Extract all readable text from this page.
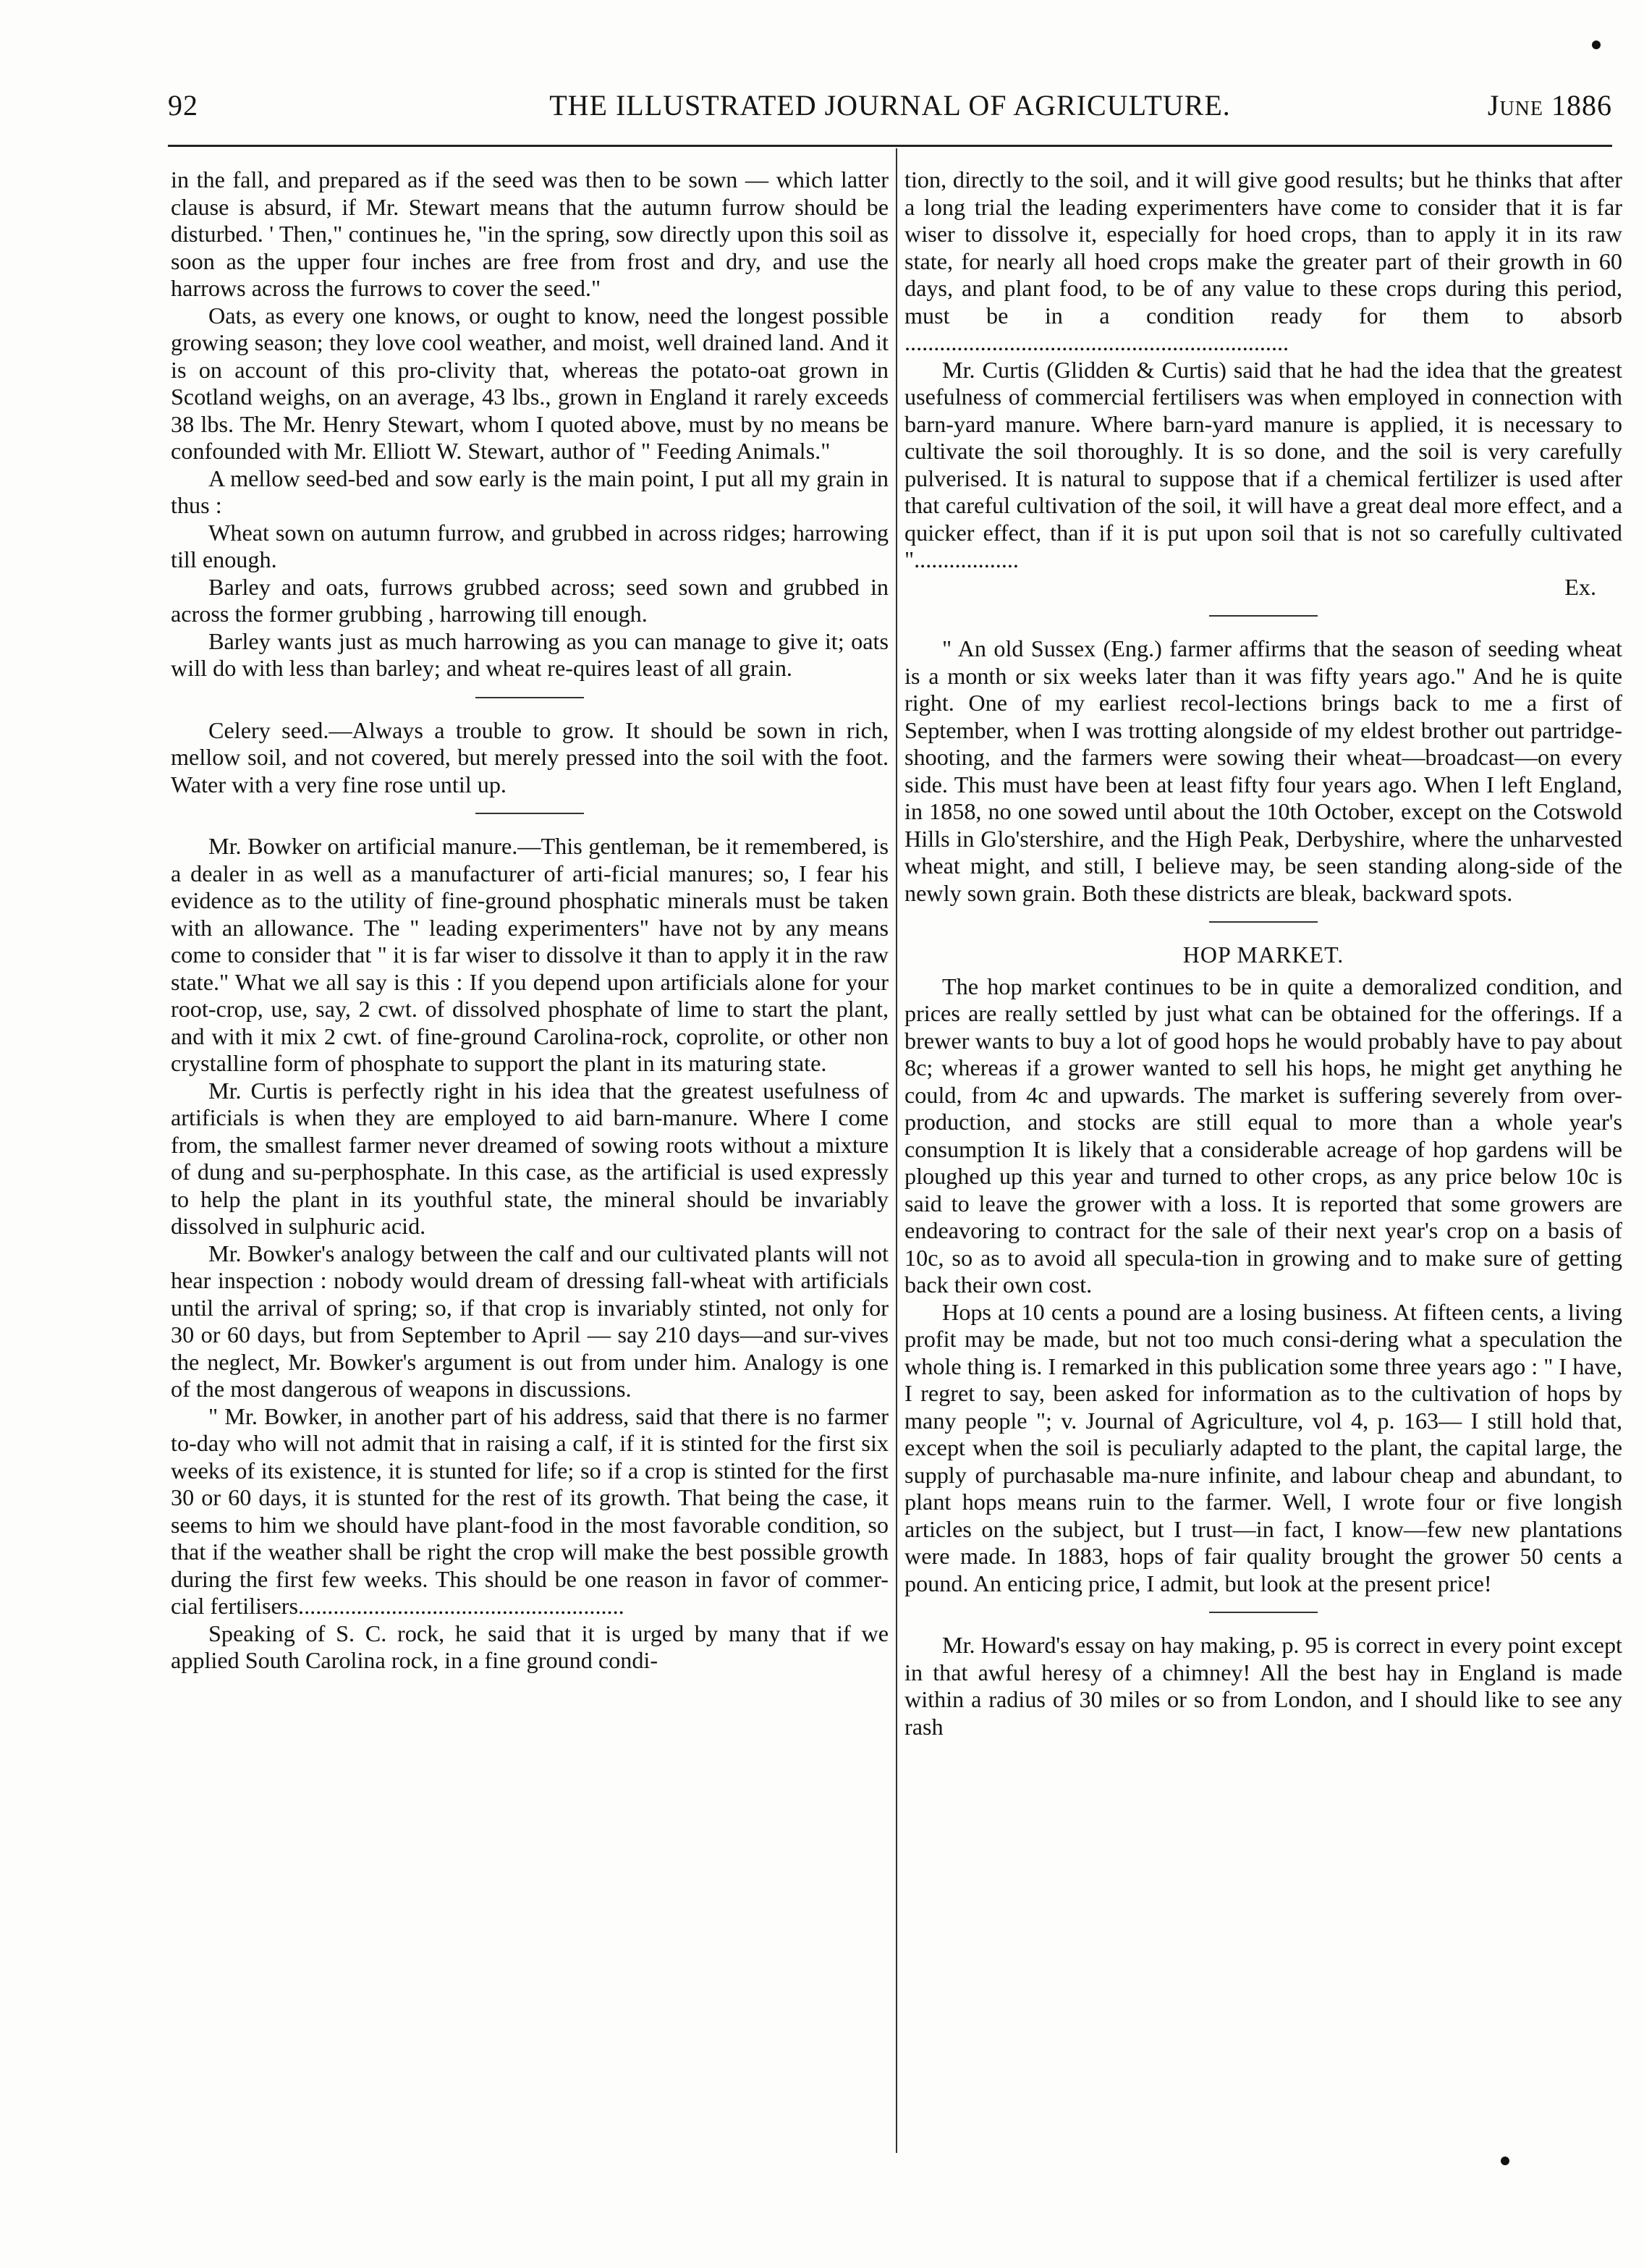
92	THE ILLUSTRATED JOURNAL OF AGRICULTURE.	June 1886

in the fall, and prepared as if the seed was then to be sown — which latter clause is absurd, if Mr. Stewart means that the autumn furrow should be disturbed. ' Then," continues he, "in the spring, sow directly upon this soil as soon as the upper four inches are free from frost and dry, and use the harrows across the furrows to cover the seed."

Oats, as every one knows, or ought to know, need the longest possible growing season; they love cool weather, and moist, well drained land. And it is on account of this pro-clivity that, whereas the potato-oat grown in Scotland weighs, on an average, 43 lbs., grown in England it rarely exceeds 38 lbs. The Mr. Henry Stewart, whom I quoted above, must by no means be confounded with Mr. Elliott W. Stewart, author of " Feeding Animals."

A mellow seed-bed and sow early is the main point, I put all my grain in thus :

Wheat sown on autumn furrow, and grubbed in across ridges; harrowing till enough.

Barley and oats, furrows grubbed across; seed sown and grubbed in across the former grubbing , harrowing till enough.

Barley wants just as much harrowing as you can manage to give it; oats will do with less than barley; and wheat re-quires least of all grain.

Celery seed.—Always a trouble to grow. It should be sown in rich, mellow soil, and not covered, but merely pressed into the soil with the foot. Water with a very fine rose until up.

Mr. Bowker on artificial manure.—This gentleman, be it remembered, is a dealer in as well as a manufacturer of arti-ficial manures; so, I fear his evidence as to the utility of fine-ground phosphatic minerals must be taken with an allowance. The " leading experimenters" have not by any means come to consider that " it is far wiser to dissolve it than to apply it in the raw state." What we all say is this : If you depend upon artificials alone for your root-crop, use, say, 2 cwt. of dissolved phosphate of lime to start the plant, and with it mix 2 cwt. of fine-ground Carolina-rock, coprolite, or other non crystalline form of phosphate to support the plant in its maturing state.

Mr. Curtis is perfectly right in his idea that the greatest usefulness of artificials is when they are employed to aid barn-manure. Where I come from, the smallest farmer never dreamed of sowing roots without a mixture of dung and su-perphosphate. In this case, as the artificial is used expressly to help the plant in its youthful state, the mineral should be invariably dissolved in sulphuric acid.

Mr. Bowker's analogy between the calf and our cultivated plants will not hear inspection : nobody would dream of dressing fall-wheat with artificials until the arrival of spring; so, if that crop is invariably stinted, not only for 30 or 60 days, but from September to April — say 210 days—and sur-vives the neglect, Mr. Bowker's argument is out from under him. Analogy is one of the most dangerous of weapons in discussions.

" Mr. Bowker, in another part of his address, said that there is no farmer to-day who will not admit that in raising a calf, if it is stinted for the first six weeks of its existence, it is stunted for life; so if a crop is stinted for the first 30 or 60 days, it is stunted for the rest of its growth. That being the case, it seems to him we should have plant-food in the most favorable condition, so that if the weather shall be right the crop will make the best possible growth during the first few weeks. This should be one reason in favor of commer-cial fertilisers........................................................

Speaking of S. C. rock, he said that it is urged by many that if we applied South Carolina rock, in a fine ground condi-

tion, directly to the soil, and it will give good results; but he thinks that after a long trial the leading experimenters have come to consider that it is far wiser to dissolve it, especially for hoed crops, than to apply it in its raw state, for nearly all hoed crops make the greater part of their growth in 60 days, and plant food, to be of any value to these crops during this period, must be in a condition ready for them to absorb ..................................................................

Mr. Curtis (Glidden & Curtis) said that he had the idea that the greatest usefulness of commercial fertilisers was when employed in connection with barn-yard manure. Where barn-yard manure is applied, it is necessary to cultivate the soil thoroughly. It is so done, and the soil is very carefully pulverised. It is natural to suppose that if a chemical fertilizer is used after that careful cultivation of the soil, it will have a great deal more effect, and a quicker effect, than if it is put upon soil that is not so carefully cultivated "..................

Ex.

" An old Sussex (Eng.) farmer affirms that the season of seeding wheat is a month or six weeks later than it was fifty years ago." And he is quite right. One of my earliest recol-lections brings back to me a first of September, when I was trotting alongside of my eldest brother out partridge-shooting, and the farmers were sowing their wheat—broadcast—on every side. This must have been at least fifty four years ago. When I left England, in 1858, no one sowed until about the 10th October, except on the Cotswold Hills in Glo'stershire, and the High Peak, Derbyshire, where the unharvested wheat might, and still, I believe may, be seen standing along-side of the newly sown grain. Both these districts are bleak, backward spots.

HOP MARKET.

The hop market continues to be in quite a demoralized condition, and prices are really settled by just what can be obtained for the offerings. If a brewer wants to buy a lot of good hops he would probably have to pay about 8c; whereas if a grower wanted to sell his hops, he might get anything he could, from 4c and upwards. The market is suffering severely from over-production, and stocks are still equal to more than a whole year's consumption It is likely that a considerable acreage of hop gardens will be ploughed up this year and turned to other crops, as any price below 10c is said to leave the grower with a loss. It is reported that some growers are endeavoring to contract for the sale of their next year's crop on a basis of 10c, so as to avoid all specula-tion in growing and to make sure of getting back their own cost.

Hops at 10 cents a pound are a losing business. At fifteen cents, a living profit may be made, but not too much consi-dering what a speculation the whole thing is. I remarked in this publication some three years ago : " I have, I regret to say, been asked for information as to the cultivation of hops by many people "; v. Journal of Agriculture, vol 4, p. 163— I still hold that, except when the soil is peculiarly adapted to the plant, the capital large, the supply of purchasable ma-nure infinite, and labour cheap and abundant, to plant hops means ruin to the farmer. Well, I wrote four or five longish articles on the subject, but I trust—in fact, I know—few new plantations were made. In 1883, hops of fair quality brought the grower 50 cents a pound. An enticing price, I admit, but look at the present price!

Mr. Howard's essay on hay making, p. 95 is correct in every point except in that awful heresy of a chimney! All the best hay in England is made within a radius of 30 miles or so from London, and I should like to see any rash
